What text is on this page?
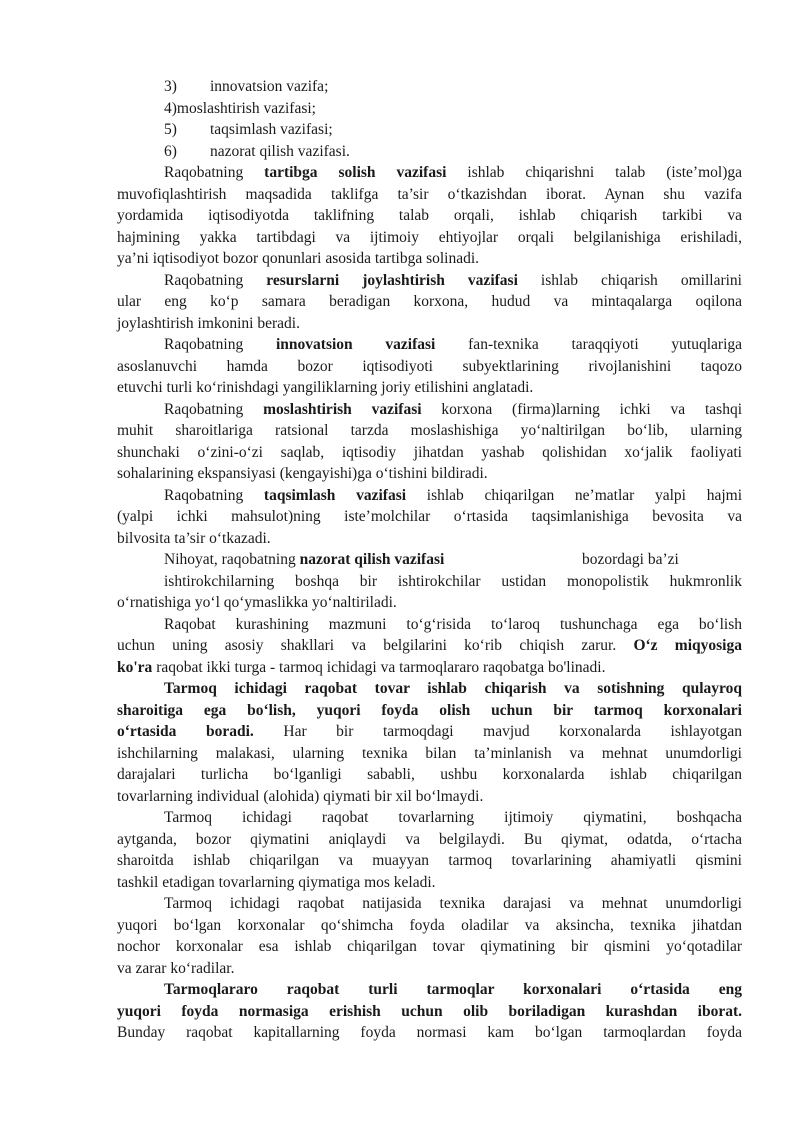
3) innovatsion vazifa;
4)moslashtirish vazifasi;
5) taqsimlash vazifasi;
6) nazorat qilish vazifasi.
Raqobatning tartibga solish vazifasi ishlab chiqarishni talab (iste’mol)ga
muvofiqlashtirish maqsadida taklifga ta’sir o‘tkazishdan iborat. Aynan shu vazifa
yordamida iqtisodiyotda taklifning talab orqali, ishlab chiqarish tarkibi va
hajmining yakka tartibdagi va ijtimoiy ehtiyojlar orqali belgilanishiga erishiladi,
ya’ni iqtisodiyot bozor qonunlari asosida tartibga solinadi.
Raqobatning resurslarni joylashtirish vazifasi ishlab chiqarish omillarini
ular eng ko‘p samara beradigan korxona, hudud va mintaqalarga oqilona
joylashtirish imkonini beradi.
Raqobatning innovatsion vazifasi fan-texnika taraqqiyoti yutuqlariga
asoslanuvchi hamda bozor iqtisodiyoti subyektlarining rivojlanishini taqozo
etuvchi turli ko‘rinishdagi yangiliklarning joriy etilishini anglatadi.
Raqobatning moslashtirish vazifasi korxona (firma)larning ichki va tashqi
muhit sharoitlariga ratsional tarzda moslashishiga yo‘naltirilgan bo‘lib, ularning
shunchaki o‘zini-o‘zi saqlab, iqtisodiy jihatdan yashab qolishidan xo‘jalik faoliyati
sohalarining ekspansiyasi (kengayishi)ga o‘tishini bildiradi.
Raqobatning taqsimlash vazifasi ishlab chiqarilgan ne’matlar yalpi hajmi
(yalpi ichki mahsulot)ning iste’molchilar o‘rtasida taqsimlanishiga bevosita va
bilvosita ta’sir o‘tkazadi.
Nihoyat, raqobatning nazorat qilish vazifasi	bozordagi ba’zi
ishtirokchilarning boshqa bir ishtirokchilar ustidan monopolistik hukmronlik
o‘rnatishiga yo‘l qo‘ymaslikka yo‘naltiriladi.
Raqobat kurashining mazmuni to‘g‘risida to‘laroq tushunchaga ega bo‘lish
uchun uning asosiy shakllari va belgilarini ko‘rib chiqish zarur. O‘z miqyosiga
ko'ra raqobat ikki turga - tarmoq ichidagi va tarmoqlararo raqobatga bo'linadi.
Tarmoq ichidagi raqobat tovar ishlab chiqarish va sotishning qulayroq
sharoitiga ega bo‘lish, yuqori foyda olish uchun bir tarmoq korxonalari
o‘rtasida boradi. Har bir tarmoqdagi mavjud korxonalarda ishlayotgan
ishchilarning malakasi, ularning texnika bilan ta’minlanish va mehnat unumdorligi
darajalari turlicha bo‘lganligi sababli, ushbu korxonalarda ishlab chiqarilgan
tovarlarning individual (alohida) qiymati bir xil bo‘lmaydi.
Tarmoq ichidagi raqobat tovarlarning ijtimoiy qiymatini, boshqacha
aytganda, bozor qiymatini aniqlaydi va belgilaydi. Bu qiymat, odatda, o‘rtacha
sharoitda ishlab chiqarilgan va muayyan tarmoq tovarlarining ahamiyatli qismini
tashkil etadigan tovarlarning qiymatiga mos keladi.
Tarmoq ichidagi raqobat natijasida texnika darajasi va mehnat unumdorligi
yuqori bo‘lgan korxonalar qo‘shimcha foyda oladilar va aksincha, texnika jihatdan
nochor korxonalar esa ishlab chiqarilgan tovar qiymatining bir qismini yo‘qotadilar
va zarar ko‘radilar.
Tarmoqlararo raqobat turli tarmoqlar korxonalari o‘rtasida eng
yuqori foyda normasiga erishish uchun olib boriladigan kurashdan iborat.
Bunday raqobat kapitallarning foyda normasi kam bo‘lgan tarmoqlardan foyda
